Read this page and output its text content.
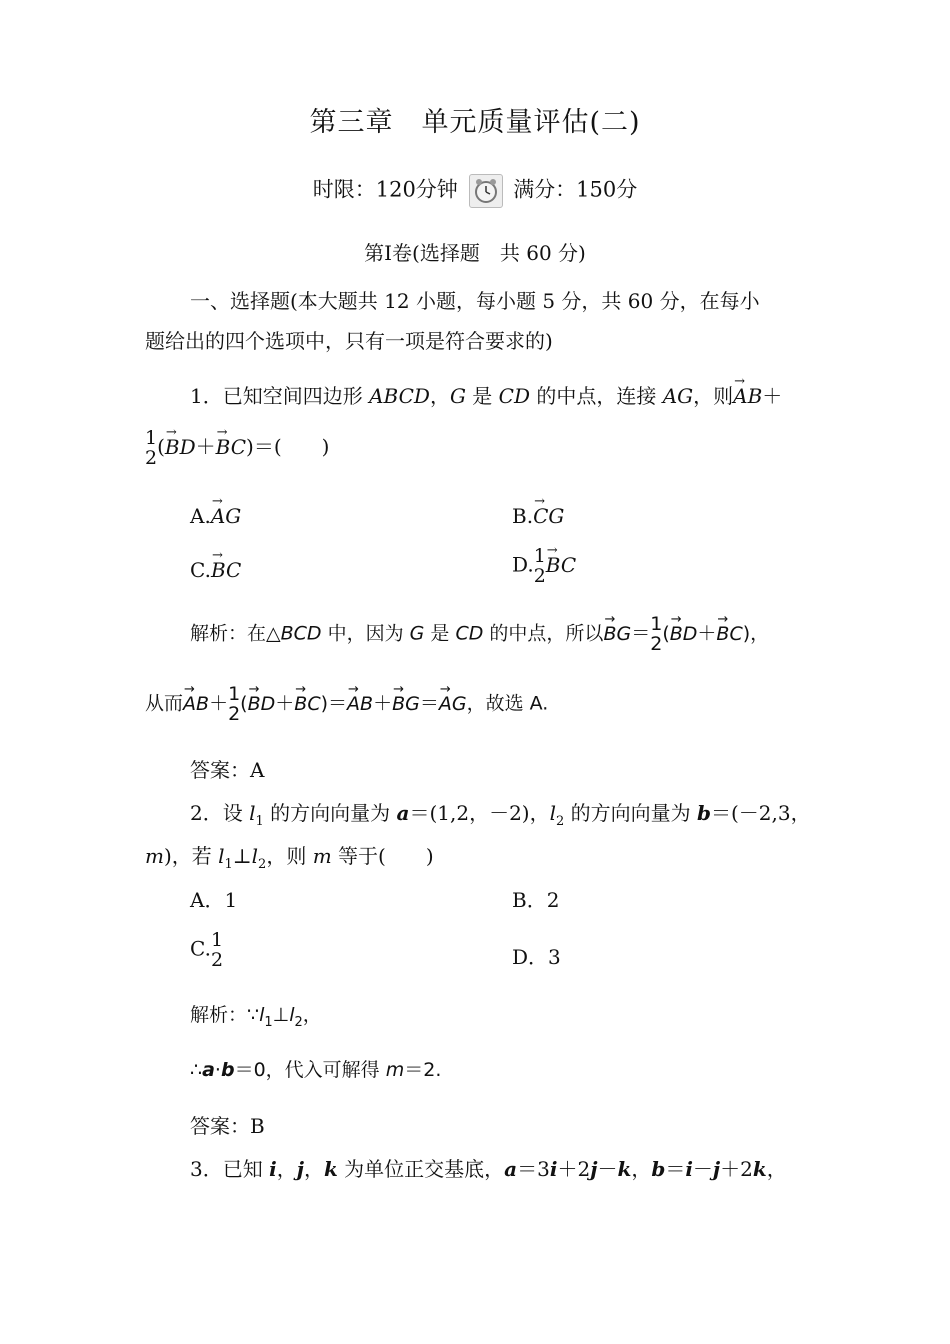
第三章　单元质量评估(二)
时限：120分钟	满分：150分
第Ⅰ卷(选择题　共 60 分)
一、选择题(本大题共 12 小题，每小题 5 分，共 60 分，在每小
题给出的四个选项中，只有一项是符合要求的)
1．已知空间四边形 ABCD，G 是 CD 的中点，连接 AG，则→ AB＋
1
2 (→ BD＋→ BC)＝(　　)
A.→ AG	B.→ CG
C.→ BC	D. 1
2
→ BC
解析：在△BCD 中，因为 G 是 CD 的中点，所以→ BG＝ 1
2 (→ BD＋→ BC)，
从而→ AB＋ 1
2 (→ BD＋→ BC)＝→ AB＋→ BG＝→ AG，故选 A.
答案：A
2．设 $l_1$ 的方向向量为 a＝(1,2，－2)，$l_2$ 的方向向量为 b＝(－2,3，
m)，若 $l_1\perp l_2$，则 m 等于(　　)
A．1	B．2
C. 1
2	D．3
解析：$\because l_1\perp l_2$，
∴a·b＝0，代入可解得 m＝2.
答案：B
3．已知 i，j，k 为单位正交基底，a＝3i＋2j－k，b＝i－j＋2k，
